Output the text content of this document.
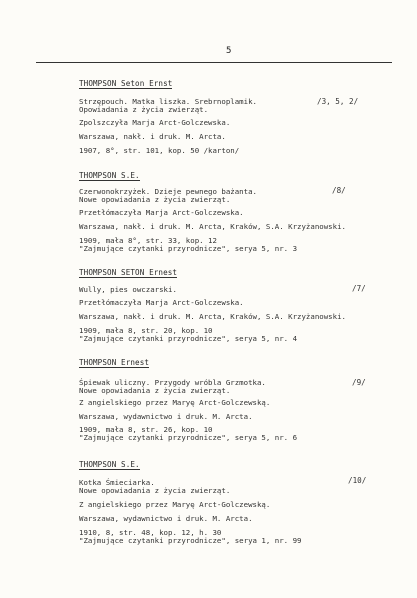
5
THOMPSON Seton Ernst
/3, 5, 2/
Strzępouch. Matka liszka. Srebrnoplamik.
Opowiadania z życia zwierząt.
Zpolszczyła Marja Arct-Golczewska.
Warszawa, nakł. i druk. M. Arcta.
1907, 8°, str. 101, kop. 50 /karton/
THOMPSON S.E.
/8/
Czerwonokrzyżek. Dzieje pewnego bażanta.
Nowe opowiadania z życia zwierząt.
Przetłómaczyła Marja Arct-Golczewska.
Warszawa, nakł. i druk. M. Arcta, Kraków, S.A. Krzyżanowski.
1909, mała 8°, str. 33, kop. 12
"Zajmujące czytanki przyrodnicze", serya 5, nr. 3
THOMPSON SETON Ernest
/7/
Wully, pies owczarski.
Przetłómaczyła Marja Arct-Golczewska.
Warszawa, nakł. i druk. M. Arcta, Kraków, S.A. Krzyżanowski.
1909, mała 8, str. 20, kop. 10
"Zajmujące czytanki przyrodnicze", serya 5, nr. 4
THOMPSON Ernest
/9/
Śpiewak uliczny. Przygody wróbla Grzmotka.
Nowe opowiadania z życia zwierząt.
Z angielskiego przez Maryę Arct-Golczewską.
Warszawa, wydawnictwo i druk. M. Arcta.
1909, mała 8, str. 26, kop. 10
"Zajmujące czytanki przyrodnicze", serya 5, nr. 6
THOMPSON S.E.
/10/
Kotka Śmieciarka.
Nowe opowiadania z życia zwierząt.
Z angielskiego przez Maryę Arct-Golczewską.
Warszawa, wydawnictwo i druk. M. Arcta.
1910, 8, str. 48, kop. 12, h. 30
"Zajmujące czytanki przyrodnicze", serya 1, nr. 99
